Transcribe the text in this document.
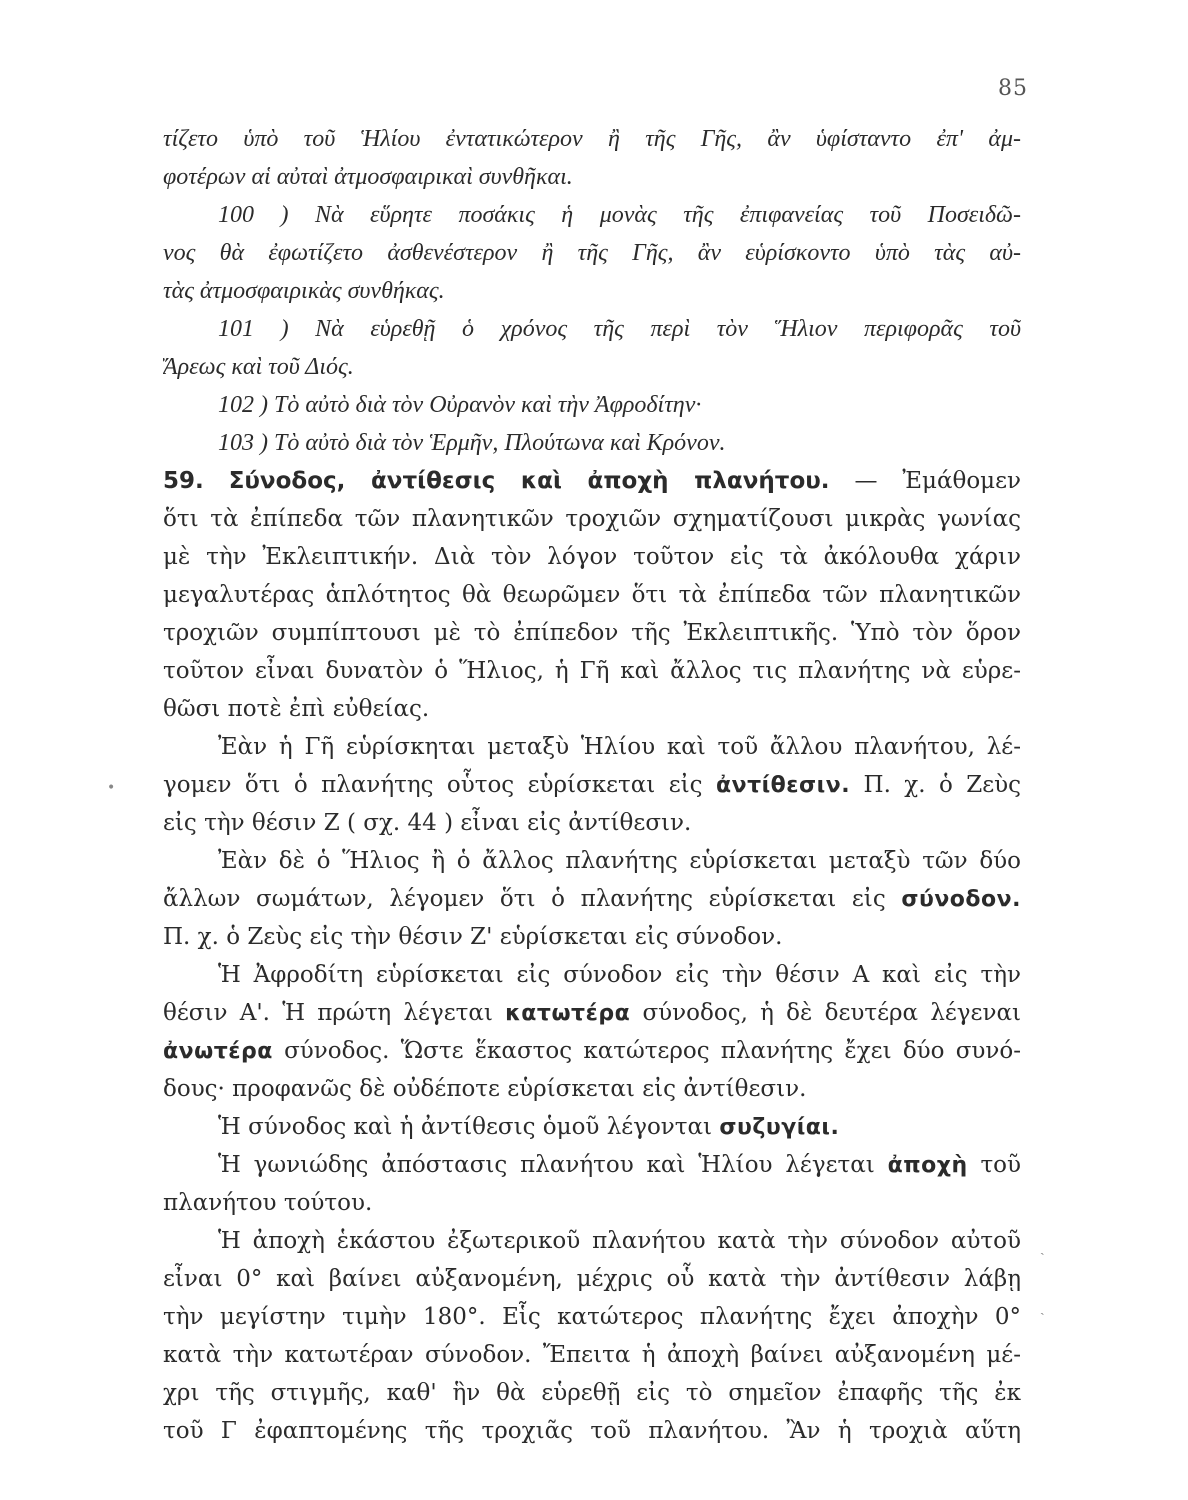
85
τίζετο ὑπὸ τοῦ Ἡλίου ἐντατικώτερον ἢ τῆς Γῆς, ἂν ὑφίσταντο ἐπ' ἀμ-
φοτέρων αἱ αὐταὶ ἀτμοσφαιρικαὶ συνθῆκαι.
100 ) Νὰ εὕρητε ποσάκις ἡ μονὰς τῆς ἐπιφανείας τοῦ Ποσειδῶ-
νος θὰ ἐφωτίζετο ἀσθενέστερον ἢ τῆς Γῆς, ἂν εὑρίσκοντο ὑπὸ τὰς αὐ-
τὰς ἀτμοσφαιρικὰς συνθήκας.
101 ) Νὰ εὑρεθῇ ὁ χρόνος τῆς περὶ τὸν Ἥλιον περιφορᾶς τοῦ
Ἄρεως καὶ τοῦ Διός.
102 ) Τὸ αὐτὸ διὰ τὸν Οὐρανὸν καὶ τὴν Ἀφροδίτην·
103 ) Τὸ αὐτὸ διὰ τὸν Ἑρμῆν, Πλούτωνα καὶ Κρόνον.
59. Σύνοδος, ἀντίθεσις καὶ ἀποχὴ πλανήτου. — Ἐμάθομεν
ὅτι τὰ ἐπίπεδα τῶν πλανητικῶν τροχιῶν σχηματίζουσι μικρὰς γωνίας
μὲ τὴν Ἐκλειπτικήν. Διὰ τὸν λόγον τοῦτον εἰς τὰ ἀκόλουθα χάριν
μεγαλυτέρας ἁπλότητος θὰ θεωρῶμεν ὅτι τὰ ἐπίπεδα τῶν πλανητικῶν
τροχιῶν συμπίπτουσι μὲ τὸ ἐπίπεδον τῆς Ἐκλειπτικῆς. Ὑπὸ τὸν ὅρον
τοῦτον εἶναι δυνατὸν ὁ Ἥλιος, ἡ Γῆ καὶ ἄλλος τις πλανήτης νὰ εὑρε-
θῶσι ποτὲ ἐπὶ εὐθείας.
Ἐὰν ἡ Γῆ εὑρίσκηται μεταξὺ Ἡλίου καὶ τοῦ ἄλλου πλανήτου, λέ-
γομεν ὅτι ὁ πλανήτης οὗτος εὑρίσκεται εἰς ἀντίθεσιν. Π. χ. ὁ Ζεὺς
εἰς τὴν θέσιν Ζ ( σχ. 44 ) εἶναι εἰς ἀντίθεσιν.
Ἐὰν δὲ ὁ Ἥλιος ἢ ὁ ἄλλος πλανήτης εὑρίσκεται μεταξὺ τῶν δύο
ἄλλων σωμάτων, λέγομεν ὅτι ὁ πλανήτης εὑρίσκεται εἰς σύνοδον.
Π. χ. ὁ Ζεὺς εἰς τὴν θέσιν Ζ' εὑρίσκεται εἰς σύνοδον.
Ἡ Ἀφροδίτη εὑρίσκεται εἰς σύνοδον εἰς τὴν θέσιν Α καὶ εἰς τὴν
θέσιν Α'. Ἡ πρώτη λέγεται κατωτέρα σύνοδος, ἡ δὲ δευτέρα λέγεναι
ἀνωτέρα σύνοδος. Ὥστε ἕκαστος κατώτερος πλανήτης ἔχει δύο συνό-
δους· προφανῶς δὲ οὐδέποτε εὑρίσκεται εἰς ἀντίθεσιν.
Ἡ σύνοδος καὶ ἡ ἀντίθεσις ὁμοῦ λέγονται συζυγίαι.
Ἡ γωνιώδης ἀπόστασις πλανήτου καὶ Ἡλίου λέγεται ἀποχὴ τοῦ
πλανήτου τούτου.
Ἡ ἀποχὴ ἑκάστου ἐξωτερικοῦ πλανήτου κατὰ τὴν σύνοδον αὐτοῦ
εἶναι 0° καὶ βαίνει αὐξανομένη, μέχρις οὗ κατὰ τὴν ἀντίθεσιν λάβῃ
τὴν μεγίστην τιμὴν 180°. Εἷς κατώτερος πλανήτης ἔχει ἀποχὴν 0°
κατὰ τὴν κατωτέραν σύνοδον. Ἔπειτα ἡ ἀποχὴ βαίνει αὐξανομένη μέ-
χρι τῆς στιγμῆς, καθ' ἣν θὰ εὑρεθῇ εἰς τὸ σημεῖον ἐπαφῆς τῆς ἐκ
τοῦ Γ ἐφαπτομένης τῆς τροχιᾶς τοῦ πλανήτου. Ἂν ἡ τροχιὰ αὕτη
•
ˎ
ˏ
